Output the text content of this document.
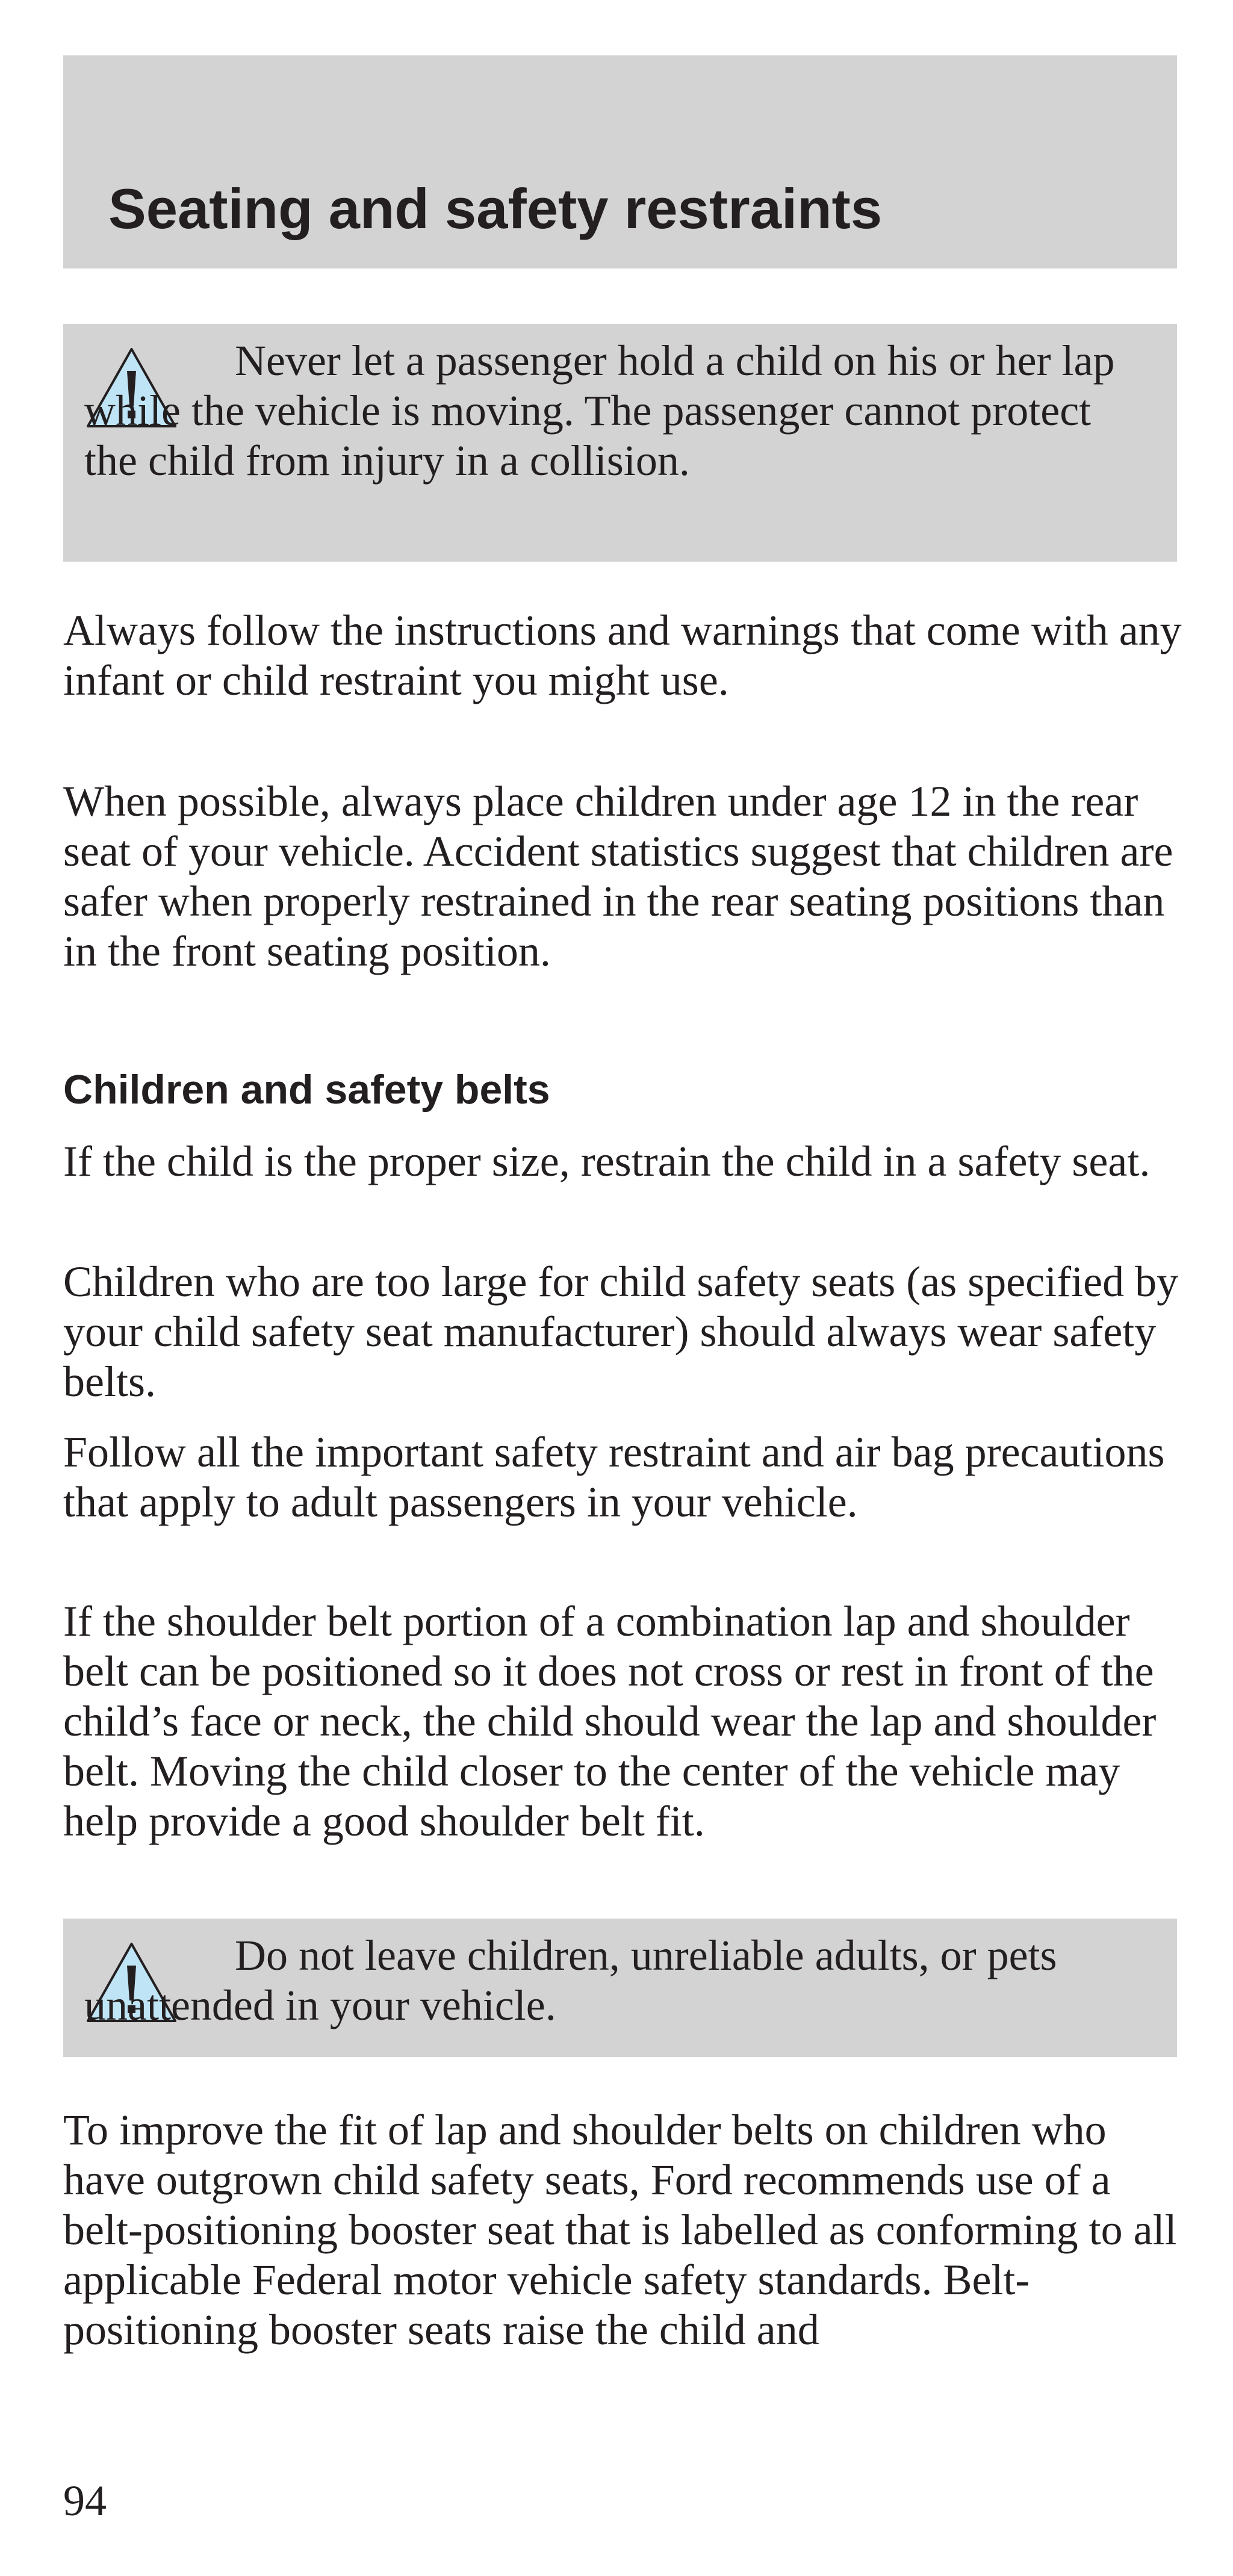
Seating and safety restraints

Never let a passenger hold a child on his or her lap while the vehicle is moving. The passenger cannot protect the child from injury in a collision.

Always follow the instructions and warnings that come with any infant or child restraint you might use.

When possible, always place children under age 12 in the rear seat of your vehicle. Accident statistics suggest that children are safer when properly restrained in the rear seating positions than in the front seating position.

Children and safety belts

If the child is the proper size, restrain the child in a safety seat.

Children who are too large for child safety seats (as specified by your child safety seat manufacturer) should always wear safety belts.

Follow all the important safety restraint and air bag precautions that apply to adult passengers in your vehicle.

If the shoulder belt portion of a combination lap and shoulder belt can be positioned so it does not cross or rest in front of the child’s face or neck, the child should wear the lap and shoulder belt. Moving the child closer to the center of the vehicle may help provide a good shoulder belt fit.

Do not leave children, unreliable adults, or pets unattended in your vehicle.

To improve the fit of lap and shoulder belts on children who have outgrown child safety seats, Ford recommends use of a belt-positioning booster seat that is labelled as conforming to all applicable Federal motor vehicle safety standards. Belt-positioning booster seats raise the child and

94
